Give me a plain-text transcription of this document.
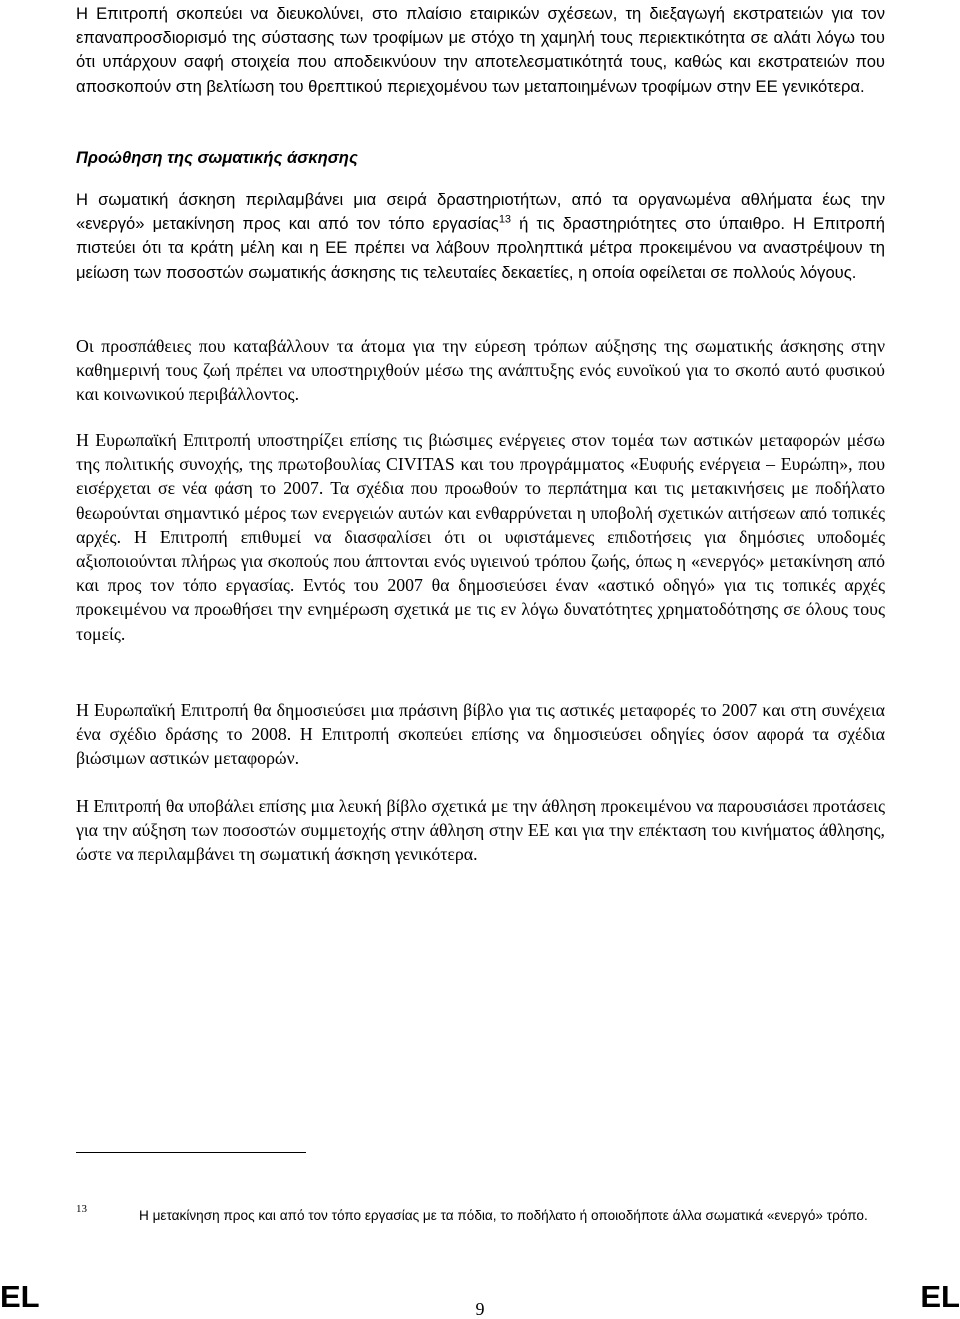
Η Επιτροπή σκοπεύει να διευκολύνει, στο πλαίσιο εταιρικών σχέσεων, τη διεξαγωγή εκστρατειών για τον επαναπροσδιορισμό της σύστασης των τροφίμων με στόχο τη χαμηλή τους περιεκτικότητα σε αλάτι λόγω του ότι υπάρχουν σαφή στοιχεία που αποδεικνύουν την αποτελεσματικότητά τους, καθώς και εκστρατειών που αποσκοπούν στη βελτίωση του θρεπτικού περιεχομένου των μεταποιημένων τροφίμων στην ΕΕ γενικότερα.

Προώθηση της σωματικής άσκησης

Η σωματική άσκηση περιλαμβάνει μια σειρά δραστηριοτήτων, από τα οργανωμένα αθλήματα έως την «ενεργό» μετακίνηση προς και από τον τόπο εργασίας$^{13}$ ή τις δραστηριότητες στο ύπαιθρο. Η Επιτροπή πιστεύει ότι τα κράτη μέλη και η ΕΕ πρέπει να λάβουν προληπτικά μέτρα προκειμένου να αναστρέψουν τη μείωση των ποσοστών σωματικής άσκησης τις τελευταίες δεκαετίες, η οποία οφείλεται σε πολλούς λόγους.

Οι προσπάθειες που καταβάλλουν τα άτομα για την εύρεση τρόπων αύξησης της σωματικής άσκησης στην καθημερινή τους ζωή πρέπει να υποστηριχθούν μέσω της ανάπτυξης ενός ευνοϊκού για το σκοπό αυτό φυσικού και κοινωνικού περιβάλλοντος.

Η Ευρωπαϊκή Επιτροπή υποστηρίζει επίσης τις βιώσιμες ενέργειες στον τομέα των αστικών μεταφορών μέσω της πολιτικής συνοχής, της πρωτοβουλίας CIVITAS και του προγράμματος «Ευφυής ενέργεια – Ευρώπη», που εισέρχεται σε νέα φάση το 2007. Τα σχέδια που προωθούν το περπάτημα και τις μετακινήσεις με ποδήλατο θεωρούνται σημαντικό μέρος των ενεργειών αυτών και ενθαρρύνεται η υποβολή σχετικών αιτήσεων από τοπικές αρχές. Η Επιτροπή επιθυμεί να διασφαλίσει ότι οι υφιστάμενες επιδοτήσεις για δημόσιες υποδομές αξιοποιούνται πλήρως για σκοπούς που άπτονται ενός υγιεινού τρόπου ζωής, όπως η «ενεργός» μετακίνηση από και προς τον τόπο εργασίας. Εντός του 2007 θα δημοσιεύσει έναν «αστικό οδηγό» για τις τοπικές αρχές προκειμένου να προωθήσει την ενημέρωση σχετικά με τις εν λόγω δυνατότητες χρηματοδότησης σε όλους τους τομείς.

Η Ευρωπαϊκή Επιτροπή θα δημοσιεύσει μια πράσινη βίβλο για τις αστικές μεταφορές το 2007 και στη συνέχεια ένα σχέδιο δράσης το 2008. Η Επιτροπή σκοπεύει επίσης να δημοσιεύσει οδηγίες όσον αφορά τα σχέδια βιώσιμων αστικών μεταφορών.

Η Επιτροπή θα υποβάλει επίσης μια λευκή βίβλο σχετικά με την άθληση προκειμένου να παρουσιάσει προτάσεις για την αύξηση των ποσοστών συμμετοχής στην άθληση στην ΕΕ και για την επέκταση του κινήματος άθλησης, ώστε να περιλαμβάνει τη σωματική άσκηση γενικότερα.

13	Η μετακίνηση προς και από τον τόπο εργασίας με τα πόδια, το ποδήλατο ή οποιοδήποτε άλλα σωματικά «ενεργό» τρόπο.

EL	9	EL
